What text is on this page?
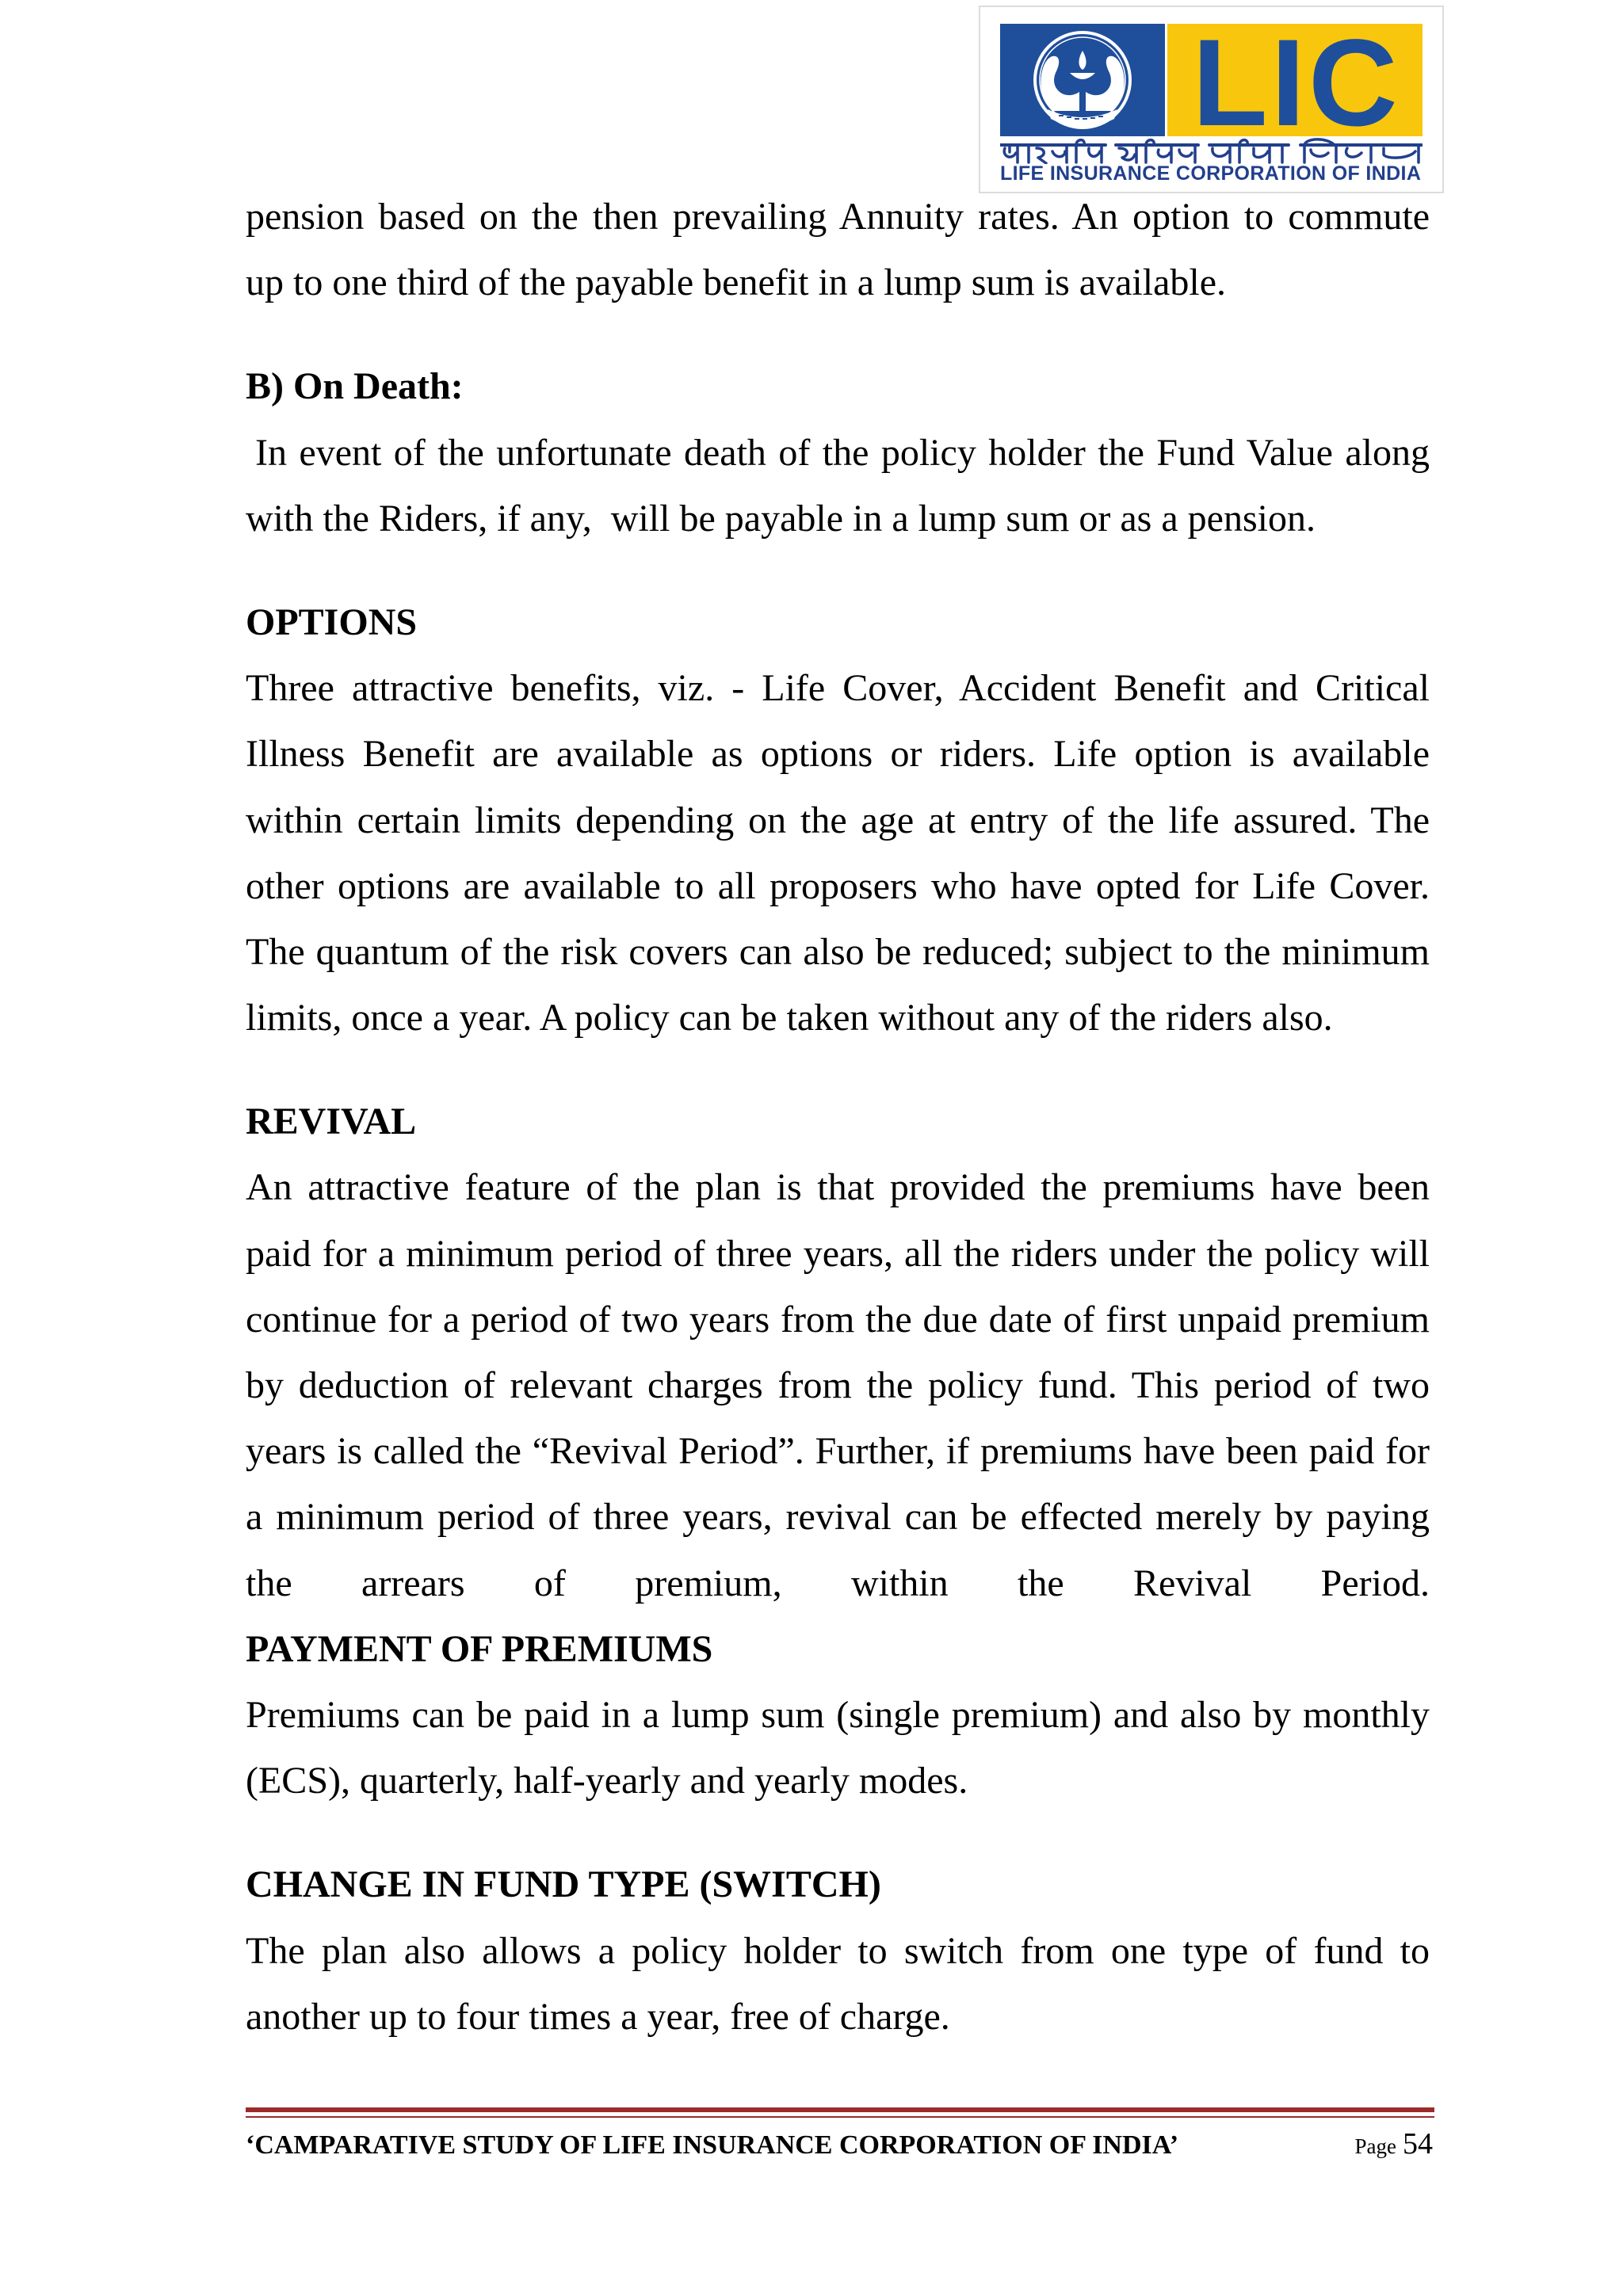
LIC
LIFE INSURANCE CORPORATION OF INDIA
pension based on the then prevailing Annuity rates. An option to commute
up to one third of the payable benefit in a lump sum is available.
B) On Death:
In event of the unfortunate death of the policy holder the Fund Value along
with the Riders, if any,  will be payable in a lump sum or as a pension.
OPTIONS
Three attractive benefits, viz. - Life Cover, Accident Benefit and Critical
Illness Benefit are available as options or riders. Life option is available
within certain limits depending on the age at entry of the life assured. The
other options are available to all proposers who have opted for Life Cover.
The quantum of the risk covers can also be reduced; subject to the minimum
limits, once a year. A policy can be taken without any of the riders also.
REVIVAL
An attractive feature of the plan is that provided the premiums have been
paid for a minimum period of three years, all the riders under the policy will
continue for a period of two years from the due date of first unpaid premium
by deduction of relevant charges from the policy fund. This period of two
years is called the “Revival Period”. Further, if premiums have been paid for
a minimum period of three years, revival can be effected merely by paying
the arrears of premium, within the Revival Period.
PAYMENT OF PREMIUMS
Premiums can be paid in a lump sum (single premium) and also by monthly
(ECS), quarterly, half-yearly and yearly modes.
CHANGE IN FUND TYPE (SWITCH)
The plan also allows a policy holder to switch from one type of fund to
another up to four times a year, free of charge.
‘CAMPARATIVE STUDY OF LIFE INSURANCE CORPORATION OF INDIA’	Page 54
